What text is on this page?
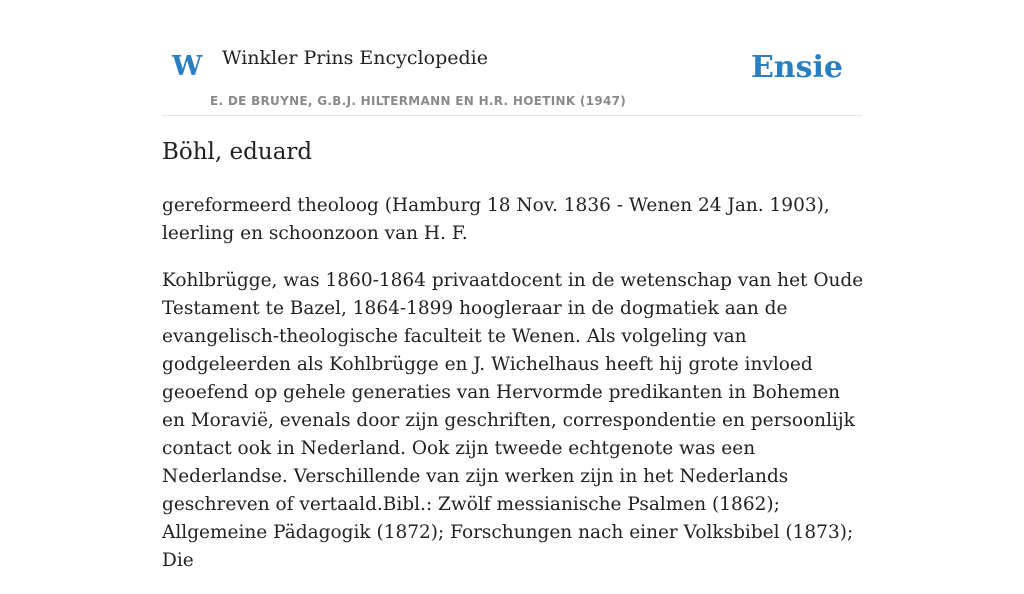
W Winkler Prins Encyclopedie
E. DE BRUYNE, G.B.J. HILTERMANN EN H.R. HOETINK (1947)
Ensie
Böhl, eduard

gereformeerd theoloog (Hamburg 18 Nov. 1836 - Wenen 24 Jan. 1903), leerling en schoonzoon van H. F.

Kohlbrügge, was 1860-1864 privaatdocent in de wetenschap van het Oude Testament te Bazel, 1864-1899 hoogleraar in de dogmatiek aan de evangelisch-theologische faculteit te Wenen. Als volgeling van godgeleerden als Kohlbrügge en J. Wichelhaus heeft hij grote invloed geoefend op gehele generaties van Hervormde predikanten in Bohemen en Moravië, evenals door zijn geschriften, correspondentie en persoonlijk contact ook in Nederland. Ook zijn tweede echtgenote was een Nederlandse. Verschillende van zijn werken zijn in het Nederlands geschreven of vertaald.Bibl.: Zwölf messianische Psalmen (1862); Allgemeine Pädagogik (1872); Forschungen nach einer Volksbibel (1873); Die
